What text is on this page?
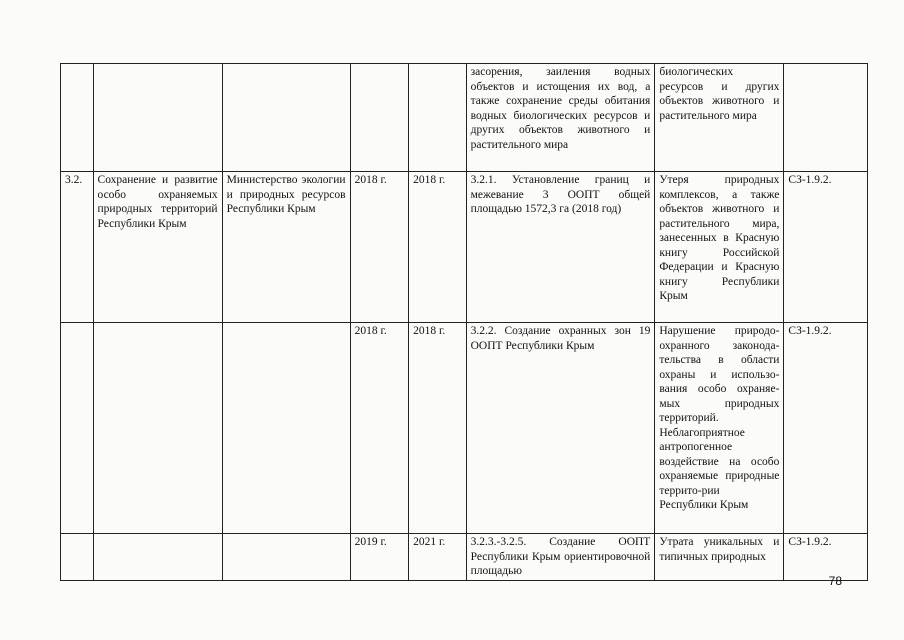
					засорения, заиления водных объектов и истощения их вод, а также сохранение среды обитания водных биологических ресурсов и других объектов животного и растительного мира	биологических ресурсов и других объектов животного и растительного мира	
3.2.	Сохранение и развитие особо охраняемых природных территорий Республики Крым	Министерство экологии и природных ресурсов Республики Крым	2018 г.	2018 г.	3.2.1. Установление границ и межевание 3 ООПТ общей площадью 1572,3 га (2018 год)	Утеря природных комплексов, а также объектов животного и растительного мира, занесенных в Красную книгу Российской Федерации и Красную книгу Республики Крым	СЗ-1.9.2.
			2018 г.	2018 г.	3.2.2. Создание охранных зон 19 ООПТ Республики Крым	Нарушение природо-охранного законода-тельства в области охраны и использо-вания особо охраняе-мых природных территорий. Неблагоприятное антропогенное воздействие на особо охраняемые природные террито-рии Республики Крым	СЗ-1.9.2.
			2019 г.	2021 г.	3.2.3.-3.2.5. Создание ООПТ Республики Крым ориентировочной площадью	Утрата уникальных и типичных природных	СЗ-1.9.2.
78
